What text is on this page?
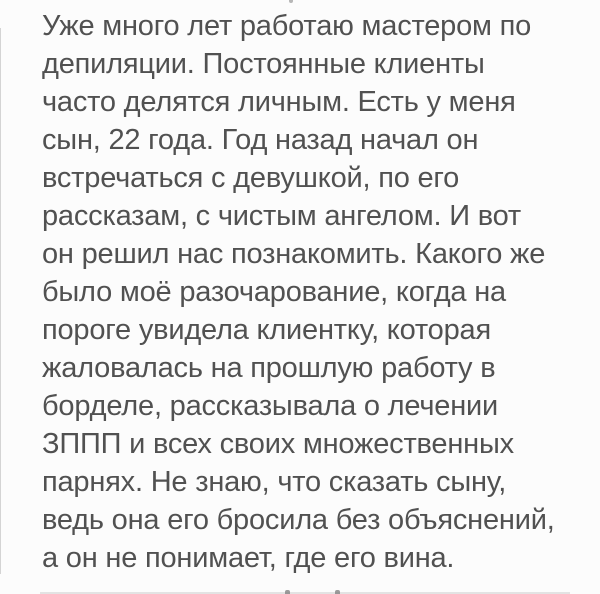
Уже много лет работаю мастером по
депиляции. Постоянные клиенты
часто делятся личным. Есть у меня
сын, 22 года. Год назад начал он
встречаться с девушкой, по его
рассказам, с чистым ангелом. И вот
он решил нас познакомить. Какого же
было моё разочарование, когда на
пороге увидела клиентку, которая
жаловалась на прошлую работу в
борделе, рассказывала о лечении
ЗППП и всех своих множественных
парнях. Не знаю, что сказать сыну,
ведь она его бросила без объяснений,
а он не понимает, где его вина.
